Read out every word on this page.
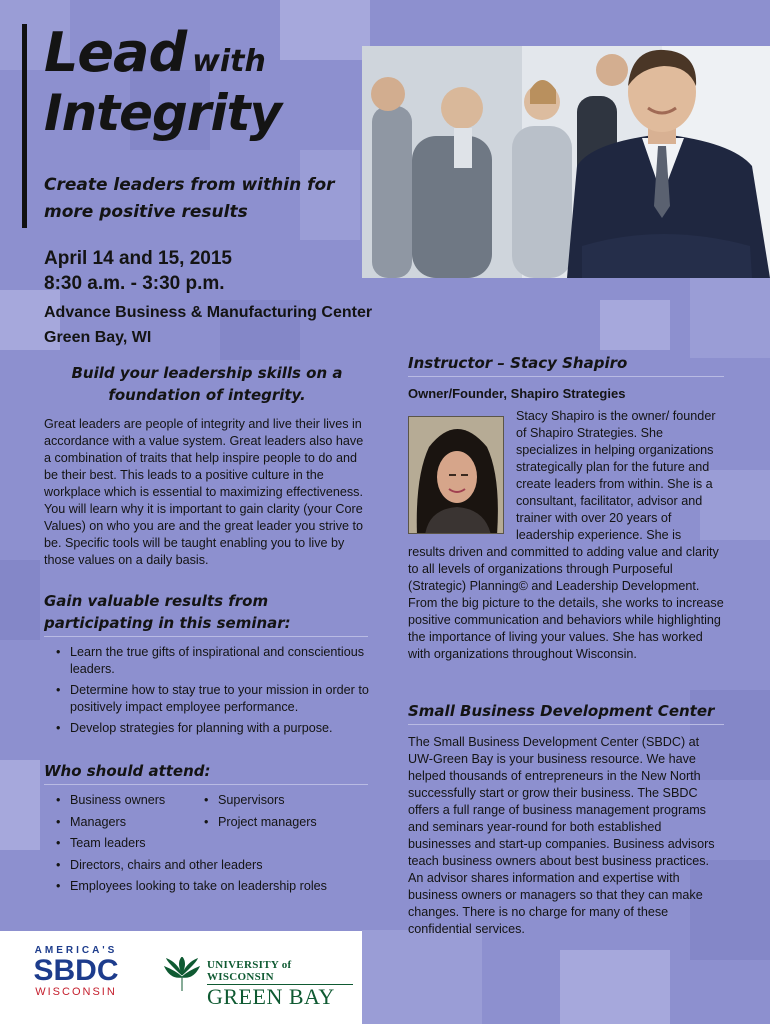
Lead with
Integrity
Create leaders from within for more positive results
April 14 and 15, 2015
8:30 a.m. - 3:30 p.m.
Advance Business & Manufacturing Center
Green Bay, WI
Build your leadership skills on a foundation of integrity.
Great leaders are people of integrity and live their lives in accordance with a value system. Great leaders also have a combination of traits that help inspire people to do and be their best. This leads to a positive culture in the workplace which is essential to maximizing effectiveness. You will learn why it is important to gain clarity (your Core Values) on who you are and the great leader you strive to be. Specific tools will be taught enabling you to live by those values on a daily basis.
Gain valuable results from participating in this seminar:
• Learn the true gifts of inspirational and conscientious leaders.
• Determine how to stay true to your mission in order to positively impact employee performance.
• Develop strategies for planning with a purpose.
Who should attend:
• Business owners
• Managers
• Team leaders
• Directors, chairs and other leaders
• Employees looking to take on leadership roles
• Supervisors
• Project managers
Instructor – Stacy Shapiro
Owner/Founder, Shapiro Strategies
Stacy Shapiro is the owner/ founder of Shapiro Strategies. She specializes in helping organizations strategically plan for the future and create leaders from within. She is a consultant, facilitator, advisor and trainer with over 20 years of leadership experience. She is
results driven and committed to adding value and clarity to all levels of organizations through Purposeful (Strategic) Planning© and Leadership Development. From the big picture to the details, she works to increase positive communication and behaviors while highlighting the importance of living your values. She has worked with organizations throughout Wisconsin.
Small Business Development Center
The Small Business Development Center (SBDC) at UW-Green Bay is your business resource. We have helped thousands of entrepreneurs in the New North successfully start or grow their business. The SBDC offers a full range of business management programs and seminars year-round for both established businesses and start-up companies. Business advisors teach business owners about best business practices. An advisor shares information and expertise with business owners or managers so that they can make changes. There is no charge for many of these confidential services.
AMERICA'S
SBDC
WISCONSIN
UNIVERSITY of WISCONSIN
GREEN BAY
